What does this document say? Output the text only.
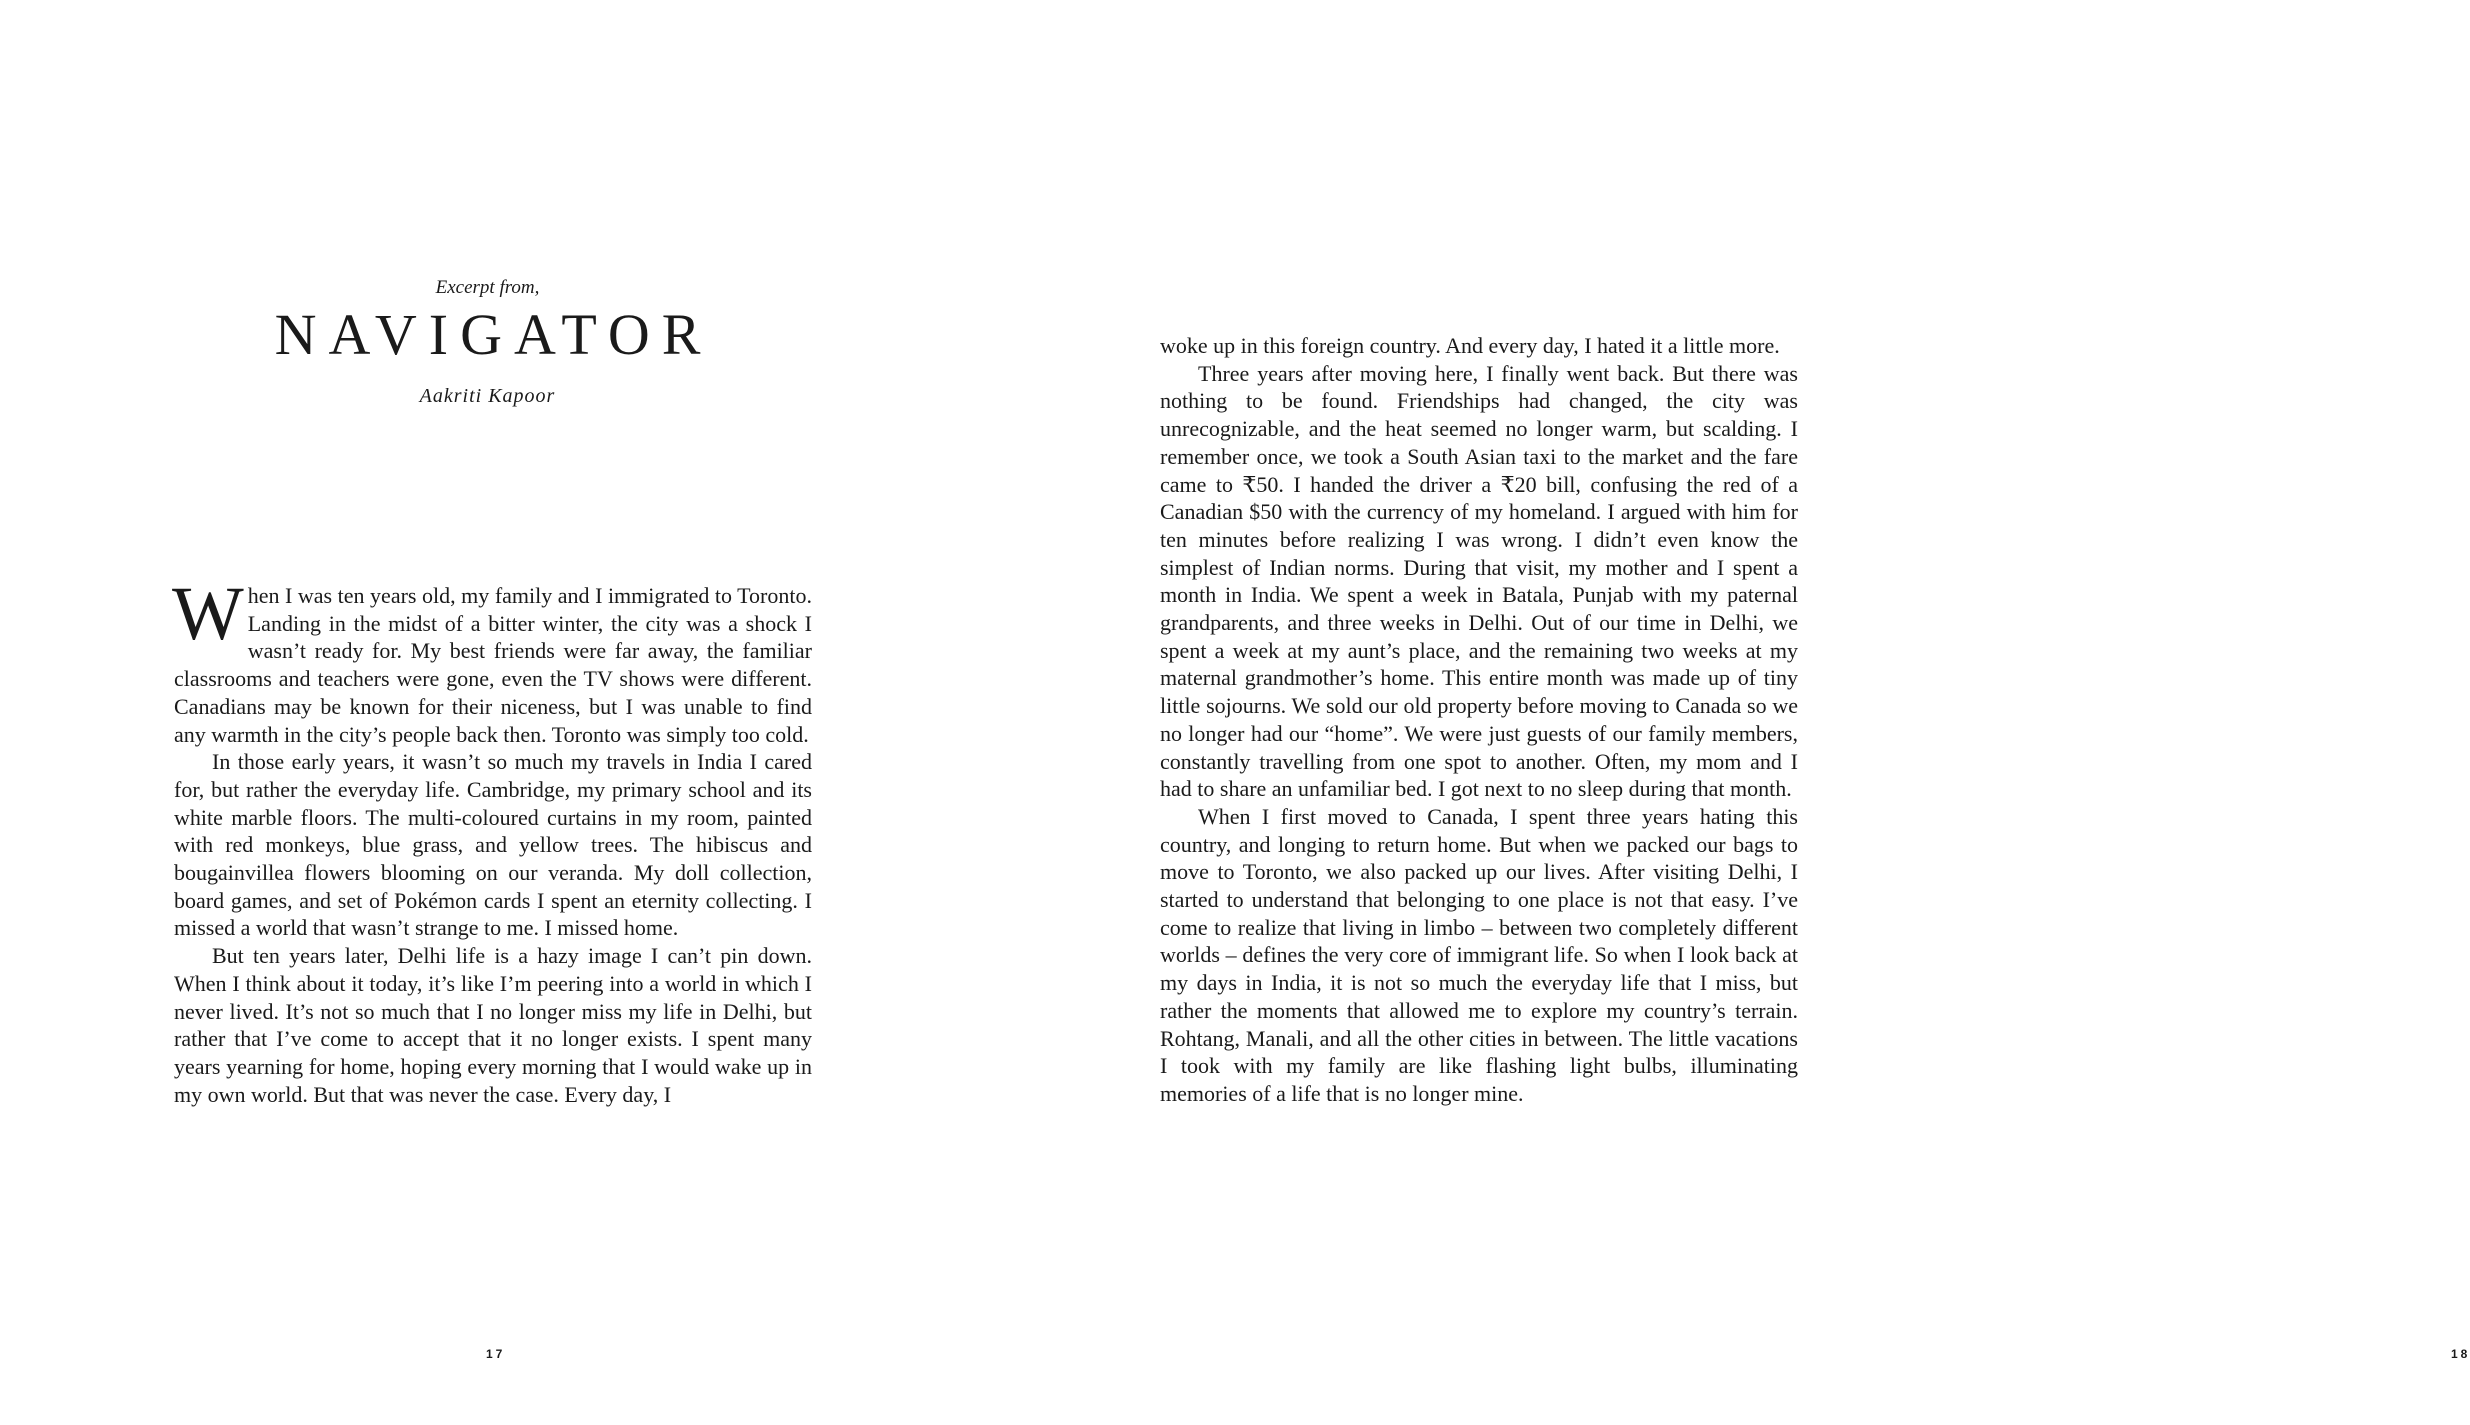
Excerpt from,
NAVIGATOR
Aakriti Kapoor

When I was ten years old, my family and I immigrated to Toronto. Landing in the midst of a bitter winter, the city was a shock I wasn’t ready for. My best friends were far away, the familiar classrooms and teachers were gone, even the TV shows were different. Canadians may be known for their niceness, but I was unable to find any warmth in the city’s people back then. Toronto was simply too cold.

In those early years, it wasn’t so much my travels in India I cared for, but rather the everyday life. Cambridge, my primary school and its white marble floors. The multi-coloured curtains in my room, painted with red monkeys, blue grass, and yellow trees. The hibiscus and bougainvillea flowers blooming on our veranda. My doll collection, board games, and set of Pokémon cards I spent an eternity collecting. I missed a world that wasn’t strange to me. I missed home.

But ten years later, Delhi life is a hazy image I can’t pin down. When I think about it today, it’s like I’m peering into a world in which I never lived. It’s not so much that I no longer miss my life in Delhi, but rather that I’ve come to accept that it no longer exists. I spent many years yearning for home, hoping every morning that I would wake up in my own world. But that was never the case. Every day, I

17

woke up in this foreign country. And every day, I hated it a little more.

Three years after moving here, I finally went back. But there was nothing to be found. Friendships had changed, the city was unrecognizable, and the heat seemed no longer warm, but scalding. I remember once, we took a South Asian taxi to the market and the fare came to ₹50. I handed the driver a ₹20 bill, confusing the red of a Canadian $50 with the currency of my homeland. I argued with him for ten minutes before realizing I was wrong. I didn’t even know the simplest of Indian norms. During that visit, my mother and I spent a month in India. We spent a week in Batala, Punjab with my paternal grandparents, and three weeks in Delhi. Out of our time in Delhi, we spent a week at my aunt’s place, and the remaining two weeks at my maternal grandmother’s home. This entire month was made up of tiny little sojourns. We sold our old property before moving to Canada so we no longer had our “home”. We were just guests of our family members, constantly travelling from one spot to another. Often, my mom and I had to share an unfamiliar bed. I got next to no sleep during that month.

When I first moved to Canada, I spent three years hating this country, and longing to return home. But when we packed our bags to move to Toronto, we also packed up our lives. After visiting Delhi, I started to understand that belonging to one place is not that easy. I’ve come to realize that living in limbo – between two completely different worlds – defines the very core of immigrant life. So when I look back at my days in India, it is not so much the everyday life that I miss, but rather the moments that allowed me to explore my country’s terrain. Rohtang, Manali, and all the other cities in between. The little vacations I took with my family are like flashing light bulbs, illuminating memories of a life that is no longer mine.

18
